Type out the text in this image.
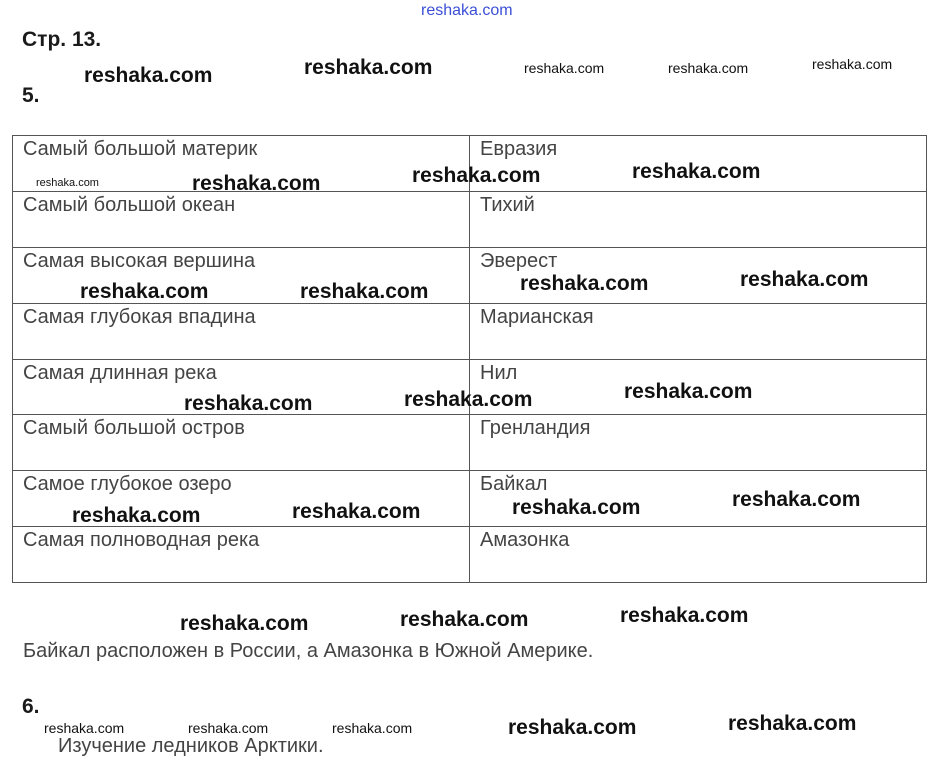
reshaka.com
Стр. 13.
5.
Самый большой материк	Евразия
Самый большой океан	Тихий
Самая высокая вершина	Эверест
Самая глубокая впадина	Марианская
Самая длинная река	Нил
Самый большой остров	Гренландия
Самое глубокое озеро	Байкал
Самая полноводная река	Амазонка
Байкал расположен в России, а Амазонка в Южной Америке.
6.
Изучение ледников Арктики.
reshaka.com	reshaka.com	reshaka.com	reshaka.com	reshaka.com
reshaka.com	reshaka.com	reshaka.com	reshaka.com
reshaka.com	reshaka.com	reshaka.com	reshaka.com
reshaka.com	reshaka.com	reshaka.com
reshaka.com	reshaka.com	reshaka.com	reshaka.com
reshaka.com	reshaka.com	reshaka.com
reshaka.com	reshaka.com	reshaka.com	reshaka.com	reshaka.com
